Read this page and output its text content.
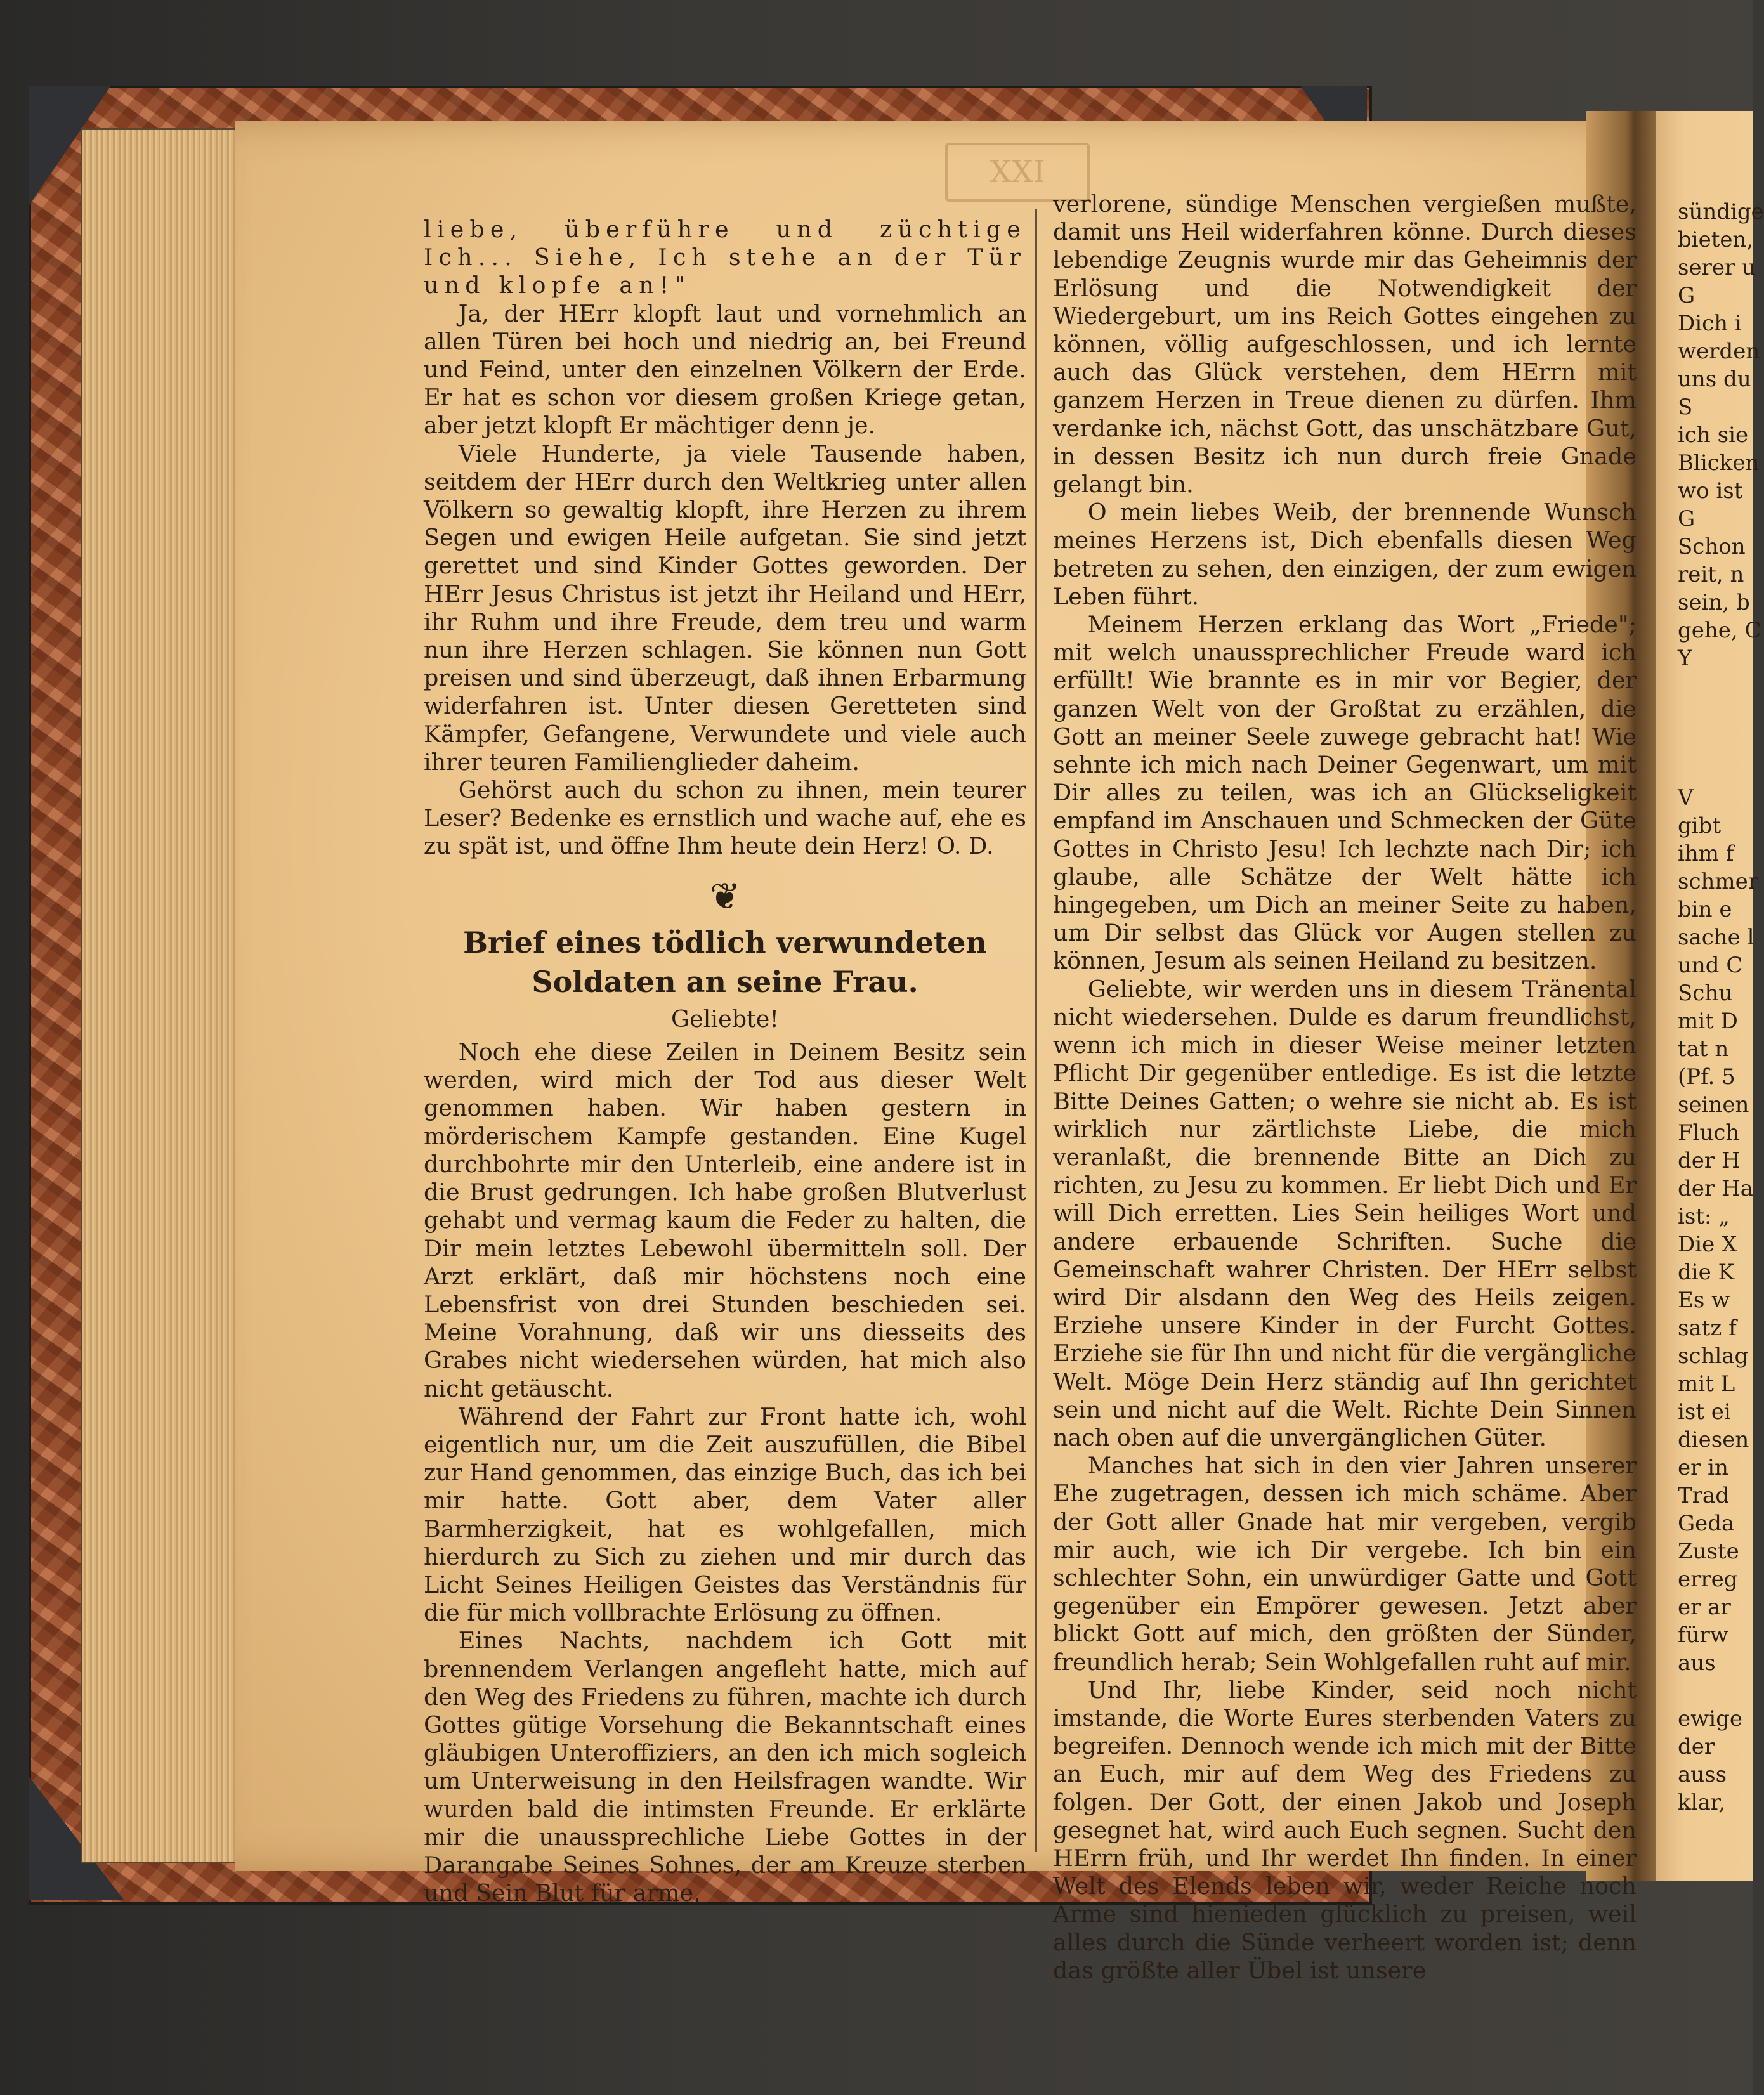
XXI

liebe, überführe und züchtige Ich... Siehe, Ich stehe an der Tür und klopfe an!"

Ja, der HErr klopft laut und vornehmlich an allen Türen bei hoch und niedrig an, bei Freund und Feind, unter den einzelnen Völkern der Erde. Er hat es schon vor diesem großen Kriege getan, aber jetzt klopft Er mächtiger denn je.

Viele Hunderte, ja viele Tausende haben, seitdem der HErr durch den Weltkrieg unter allen Völkern so gewaltig klopft, ihre Herzen zu ihrem Segen und ewigen Heile aufgetan. Sie sind jetzt gerettet und sind Kinder Gottes geworden. Der HErr Jesus Christus ist jetzt ihr Heiland und HErr, ihr Ruhm und ihre Freude, dem treu und warm nun ihre Herzen schlagen. Sie können nun Gott preisen und sind überzeugt, daß ihnen Erbarmung widerfahren ist. Unter diesen Geretteten sind Kämpfer, Gefangene, Verwundete und viele auch ihrer teuren Familienglieder daheim.

Gehörst auch du schon zu ihnen, mein teurer Leser? Bedenke es ernstlich und wache auf, ehe es zu spät ist, und öffne Ihm heute dein Herz! O. D.

❦
Brief eines tödlich verwundeten Soldaten an seine Frau.
Geliebte!

Noch ehe diese Zeilen in Deinem Besitz sein werden, wird mich der Tod aus dieser Welt genommen haben. Wir haben gestern in mörderischem Kampfe gestanden. Eine Kugel durchbohrte mir den Unterleib, eine andere ist in die Brust gedrungen. Ich habe großen Blutverlust gehabt und vermag kaum die Feder zu halten, die Dir mein letztes Lebewohl übermitteln soll. Der Arzt erklärt, daß mir höchstens noch eine Lebensfrist von drei Stunden beschieden sei. Meine Vorahnung, daß wir uns diesseits des Grabes nicht wiedersehen würden, hat mich also nicht getäuscht.

Während der Fahrt zur Front hatte ich, wohl eigentlich nur, um die Zeit auszufüllen, die Bibel zur Hand genommen, das einzige Buch, das ich bei mir hatte. Gott aber, dem Vater aller Barmherzigkeit, hat es wohlgefallen, mich hierdurch zu Sich zu ziehen und mir durch das Licht Seines Heiligen Geistes das Verständnis für die für mich vollbrachte Erlösung zu öffnen.

Eines Nachts, nachdem ich Gott mit brennendem Verlangen angefleht hatte, mich auf den Weg des Friedens zu führen, machte ich durch Gottes gütige Vorsehung die Bekanntschaft eines gläubigen Unteroffiziers, an den ich mich sogleich um Unterweisung in den Heilsfragen wandte. Wir wurden bald die intimsten Freunde. Er erklärte mir die unaussprechliche Liebe Gottes in der Darangabe Seines Sohnes, der am Kreuze sterben und Sein Blut für arme,

verlorene, sündige Menschen vergießen mußte, damit uns Heil widerfahren könne. Durch dieses lebendige Zeugnis wurde mir das Geheimnis der Erlösung und die Notwendigkeit der Wiedergeburt, um ins Reich Gottes eingehen zu können, völlig aufgeschlossen, und ich lernte auch das Glück verstehen, dem HErrn mit ganzem Herzen in Treue dienen zu dürfen. Ihm verdanke ich, nächst Gott, das unschätzbare Gut, in dessen Besitz ich nun durch freie Gnade gelangt bin.

O mein liebes Weib, der brennende Wunsch meines Herzens ist, Dich ebenfalls diesen Weg betreten zu sehen, den einzigen, der zum ewigen Leben führt.

Meinem Herzen erklang das Wort „Friede"; mit welch unaussprechlicher Freude ward ich erfüllt! Wie brannte es in mir vor Begier, der ganzen Welt von der Großtat zu erzählen, die Gott an meiner Seele zuwege gebracht hat! Wie sehnte ich mich nach Deiner Gegenwart, um mit Dir alles zu teilen, was ich an Glückseligkeit empfand im Anschauen und Schmecken der Güte Gottes in Christo Jesu! Ich lechzte nach Dir; ich glaube, alle Schätze der Welt hätte ich hingegeben, um Dich an meiner Seite zu haben, um Dir selbst das Glück vor Augen stellen zu können, Jesum als seinen Heiland zu besitzen.

Geliebte, wir werden uns in diesem Tränental nicht wiedersehen. Dulde es darum freundlichst, wenn ich mich in dieser Weise meiner letzten Pflicht Dir gegenüber entledige. Es ist die letzte Bitte Deines Gatten; o wehre sie nicht ab. Es ist wirklich nur zärtlichste Liebe, die mich veranlaßt, die brennende Bitte an Dich zu richten, zu Jesu zu kommen. Er liebt Dich und Er will Dich erretten. Lies Sein heiliges Wort und andere erbauende Schriften. Suche die Gemeinschaft wahrer Christen. Der HErr selbst wird Dir alsdann den Weg des Heils zeigen. Erziehe unsere Kinder in der Furcht Gottes. Erziehe sie für Ihn und nicht für die vergängliche Welt. Möge Dein Herz ständig auf Ihn gerichtet sein und nicht auf die Welt. Richte Dein Sinnen nach oben auf die unvergänglichen Güter.

Manches hat sich in den vier Jahren unserer Ehe zugetragen, dessen ich mich schäme. Aber der Gott aller Gnade hat mir vergeben, vergib mir auch, wie ich Dir vergebe. Ich bin ein schlechter Sohn, ein unwürdiger Gatte und Gott gegenüber ein Empörer gewesen. Jetzt aber blickt Gott auf mich, den größten der Sünder, freundlich herab; Sein Wohlgefallen ruht auf mir.

Und Ihr, liebe Kinder, seid noch nicht imstande, die Worte Eures sterbenden Vaters zu begreifen. Dennoch wende ich mich mit der Bitte an Euch, mir auf dem Weg des Friedens zu folgen. Der Gott, der einen Jakob und Joseph gesegnet hat, wird auch Euch segnen. Sucht den HErrn früh, und Ihr werdet Ihn finden. In einer Welt des Elends leben wir, weder Reiche noch Arme sind hienieden glücklich zu preisen, weil alles durch die Sünde verheert worden ist; denn das größte aller Übel ist unsere

sündige
bieten,
serer u
G
Dich i
werden
uns du
S
ich sie
Blicken
wo ist
G
Schon
reit, n
sein, b
gehe, C
Y

V
gibt
ihm f
schmer
bin e
sache l
und C
Schu
mit D
tat n
(Pf. 5
seinen
Fluch
der H
der Ha
ist: „
Die X
die K
Es w
satz f
schlag
mit L
ist ei
diesen
er in
Trad
Geda
Zuste
erreg
er ar
fürw
aus

ewige
der
auss
klar,
